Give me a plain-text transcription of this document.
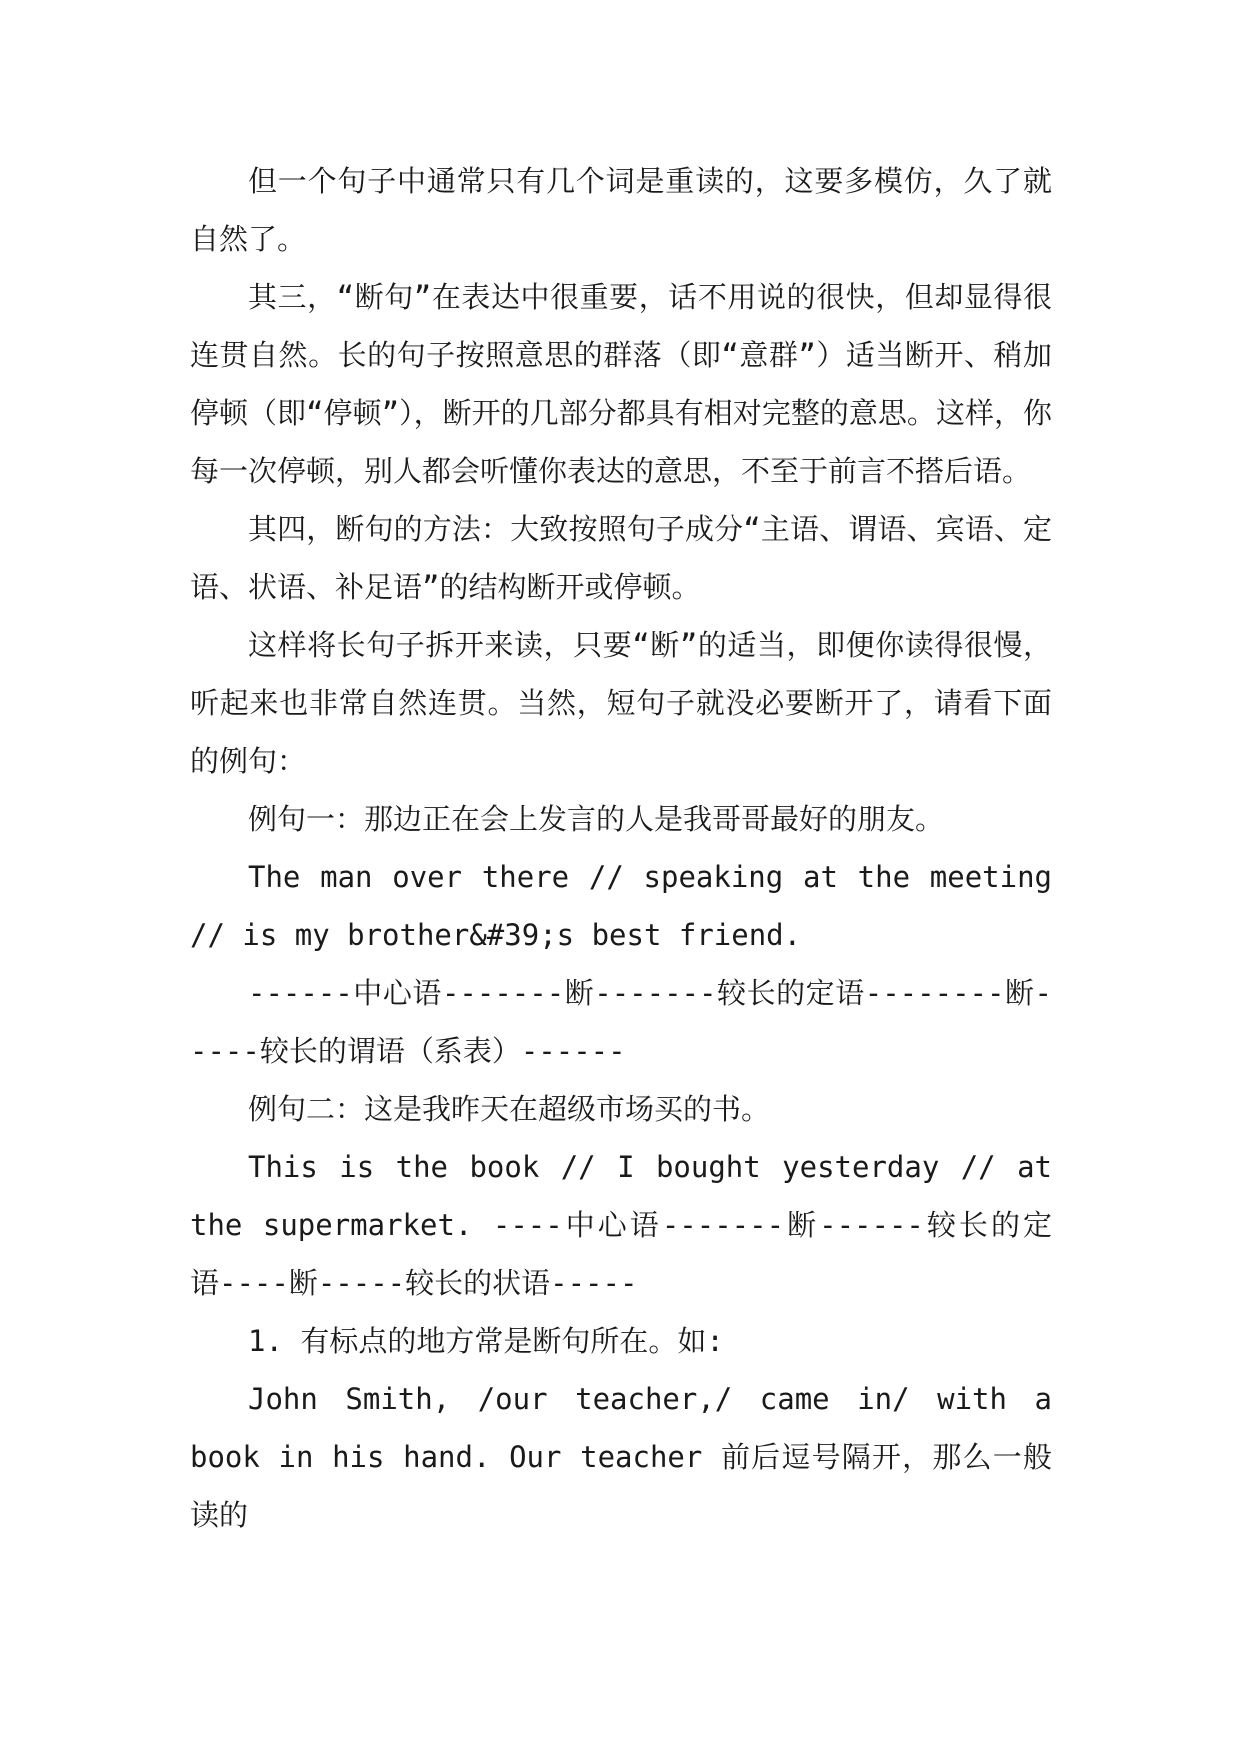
但一个句子中通常只有几个词是重读的，这要多模仿，久了就自然了。

其三，“断句”在表达中很重要，话不用说的很快，但却显得很连贯自然。长的句子按照意思的群落（即“意群”）适当断开、稍加停顿（即“停顿”），断开的几部分都具有相对完整的意思。这样，你每一次停顿，别人都会听懂你表达的意思，不至于前言不搭后语。

其四，断句的方法：大致按照句子成分“主语、谓语、宾语、定语、状语、补足语”的结构断开或停顿。

这样将长句子拆开来读，只要“断”的适当，即便你读得很慢，听起来也非常自然连贯。当然，短句子就没必要断开了，请看下面的例句：

例句一：那边正在会上发言的人是我哥哥最好的朋友。

The man over there // speaking at the meeting // is my brother&#39;s best friend.

------中心语-------断-------较长的定语--------断-----较长的谓语（系表）------

例句二：这是我昨天在超级市场买的书。

This is the book // I bought yesterday // at the supermarket. ----中心语-------断------较长的定语----断-----较长的状语-----

1. 有标点的地方常是断句所在。如:

John Smith, /our teacher,/ came in/ with a book in his hand. Our teacher 前后逗号隔开，那么一般读的
